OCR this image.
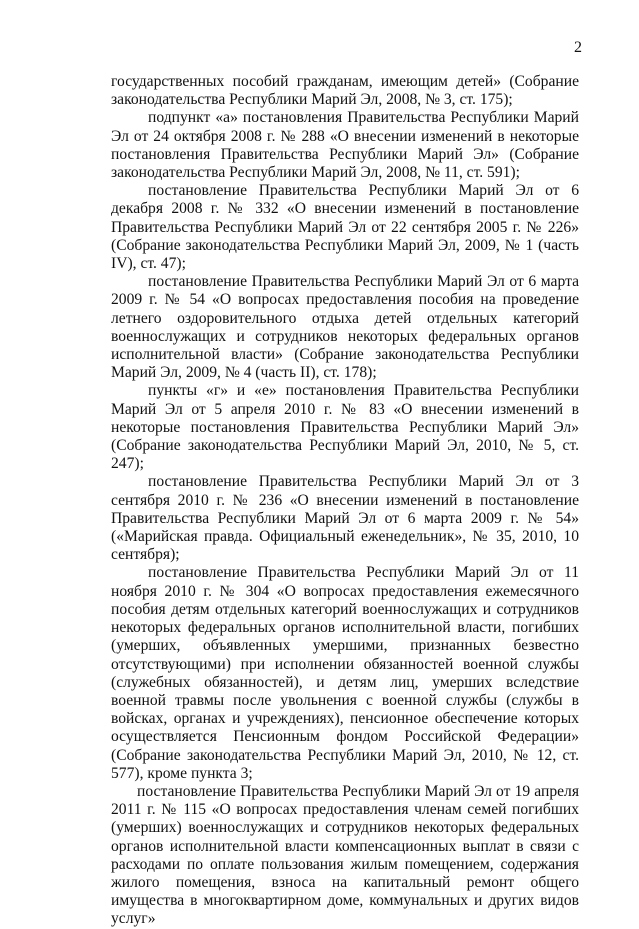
2

государственных пособий гражданам, имеющим детей» (Собрание законодательства Республики Марий Эл, 2008, № 3, ст. 175);

подпункт «а» постановления Правительства Республики Марий Эл от 24 октября 2008 г. № 288 «О внесении изменений в некоторые постановления Правительства Республики Марий Эл» (Собрание законодательства Республики Марий Эл, 2008, № 11, ст. 591);

постановление Правительства Республики Марий Эл от 6 декабря 2008 г. № 332 «О внесении изменений в постановление Правительства Республики Марий Эл от 22 сентября 2005 г. № 226» (Собрание законодательства Республики Марий Эл, 2009, № 1 (часть IV), ст. 47);

постановление Правительства Республики Марий Эл от 6 марта 2009 г. № 54 «О вопросах предоставления пособия на проведение летнего оздоровительного отдыха детей отдельных категорий военнослужащих и сотрудников некоторых федеральных органов исполнительной власти» (Собрание законодательства Республики Марий Эл, 2009, № 4 (часть II), ст. 178);

пункты «г» и «е» постановления Правительства Республики Марий Эл от 5 апреля 2010 г. № 83 «О внесении изменений в некоторые постановления Правительства Республики Марий Эл» (Собрание законодательства Республики Марий Эл, 2010, № 5, ст. 247);

постановление Правительства Республики Марий Эл от 3 сентября 2010 г. № 236 «О внесении изменений в постановление Правительства Республики Марий Эл от 6 марта 2009 г. № 54» («Марийская правда. Официальный еженедельник», № 35, 2010, 10 сентября);

постановление Правительства Республики Марий Эл от 11 ноября 2010 г. № 304 «О вопросах предоставления ежемесячного пособия детям отдельных категорий военнослужащих и сотрудников некоторых федеральных органов исполнительной власти, погибших (умерших, объявленных умершими, признанных безвестно отсутствующими) при исполнении обязанностей военной службы (служебных обязанностей), и детям лиц, умерших вследствие военной травмы после увольнения с военной службы (службы в войсках, органах и учреждениях), пенсионное обеспечение которых осуществляется Пенсионным фондом Российской Федерации» (Собрание законодательства Республики Марий Эл, 2010, № 12, ст. 577), кроме пункта 3;

постановление Правительства Республики Марий Эл от 19 апреля 2011 г. № 115 «О вопросах предоставления членам семей погибших (умерших) военнослужащих и сотрудников некоторых федеральных органов исполнительной власти компенсационных выплат в связи с расходами по оплате пользования жилым помещением, содержания жилого помещения, взноса на капитальный ремонт общего имущества в многоквартирном доме, коммунальных и других видов услуг»
